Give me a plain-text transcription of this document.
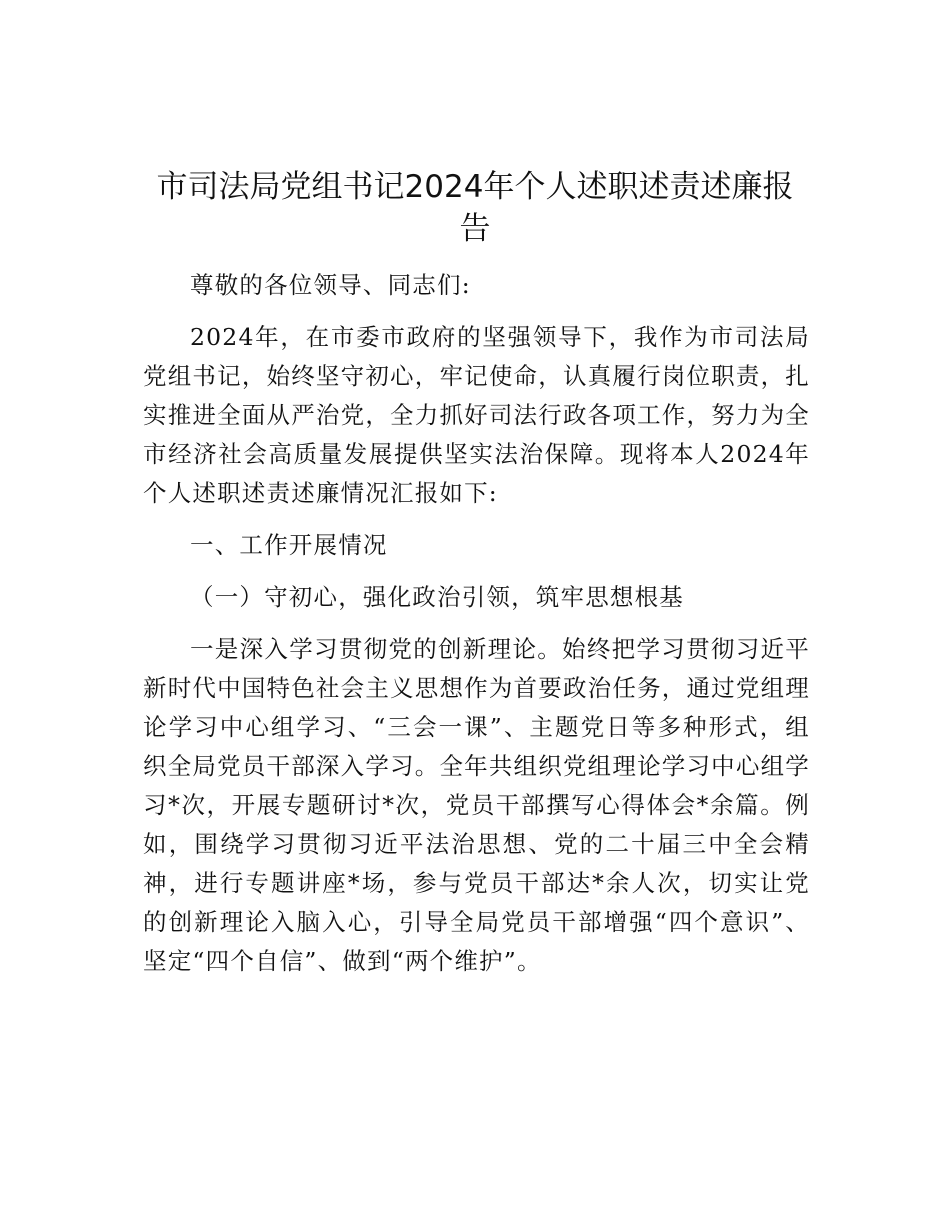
市司法局党组书记2024年个人述职述责述廉报
告

尊敬的各位领导、同志们:

2024年，在市委市政府的坚强领导下，我作为市司法局党组书记，始终坚守初心，牢记使命，认真履行岗位职责，扎实推进全面从严治党，全力抓好司法行政各项工作，努力为全市经济社会高质量发展提供坚实法治保障。现将本人2024年个人述职述责述廉情况汇报如下:

一、工作开展情况

（一）守初心，强化政治引领，筑牢思想根基

一是深入学习贯彻党的创新理论。始终把学习贯彻习近平新时代中国特色社会主义思想作为首要政治任务，通过党组理论学习中心组学习、“三会一课”、主题党日等多种形式，组织全局党员干部深入学习。全年共组织党组理论学习中心组学习*次，开展专题研讨*次，党员干部撰写心得体会*余篇。例如，围绕学习贯彻习近平法治思想、党的二十届三中全会精神，进行专题讲座*场，参与党员干部达*余人次，切实让党的创新理论入脑入心，引导全局党员干部增强“四个意识”、坚定“四个自信”、做到“两个维护”。
